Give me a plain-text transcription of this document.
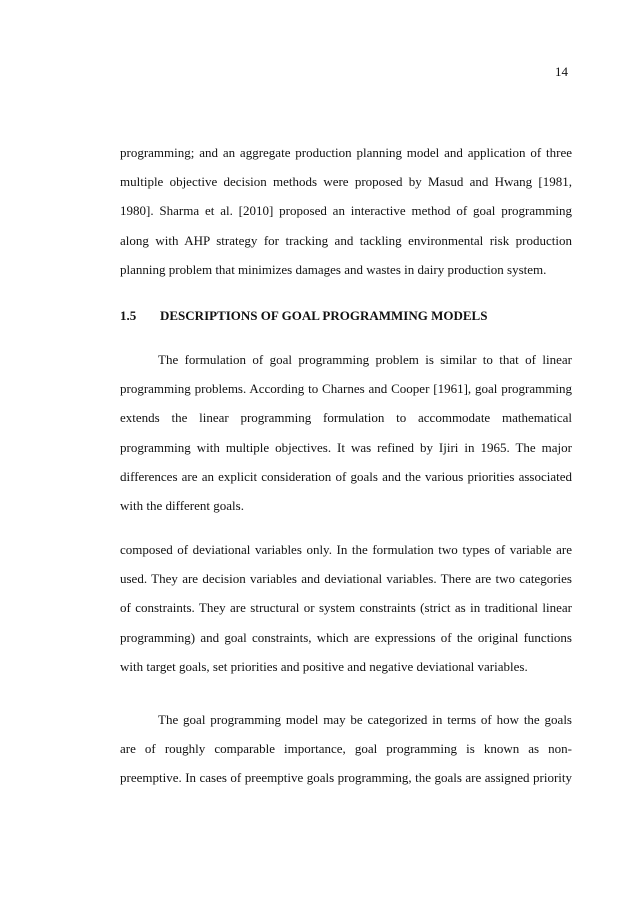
14

programming; and an aggregate production planning model and application of three multiple objective decision methods were proposed by Masud and Hwang [1981, 1980]. Sharma et al. [2010] proposed an interactive method of goal programming along with AHP strategy for tracking and tackling environmental risk production planning problem that minimizes damages and wastes in dairy production system.

1.5 DESCRIPTIONS OF GOAL PROGRAMMING MODELS

The formulation of goal programming problem is similar to that of linear programming problems. According to Charnes and Cooper [1961], goal programming extends the linear programming formulation to accommodate mathematical programming with multiple objectives. It was refined by Ijiri in 1965. The major differences are an explicit consideration of goals and the various priorities associated with the different goals.

composed of deviational variables only. In the formulation two types of variable are used. They are decision variables and deviational variables. There are two categories of constraints. They are structural or system constraints (strict as in traditional linear programming) and goal constraints, which are expressions of the original functions with target goals, set priorities and positive and negative deviational variables.

The goal programming model may be categorized in terms of how the goals are of roughly comparable importance, goal programming is known as non-preemptive. In cases of preemptive goals programming, the goals are assigned priority
